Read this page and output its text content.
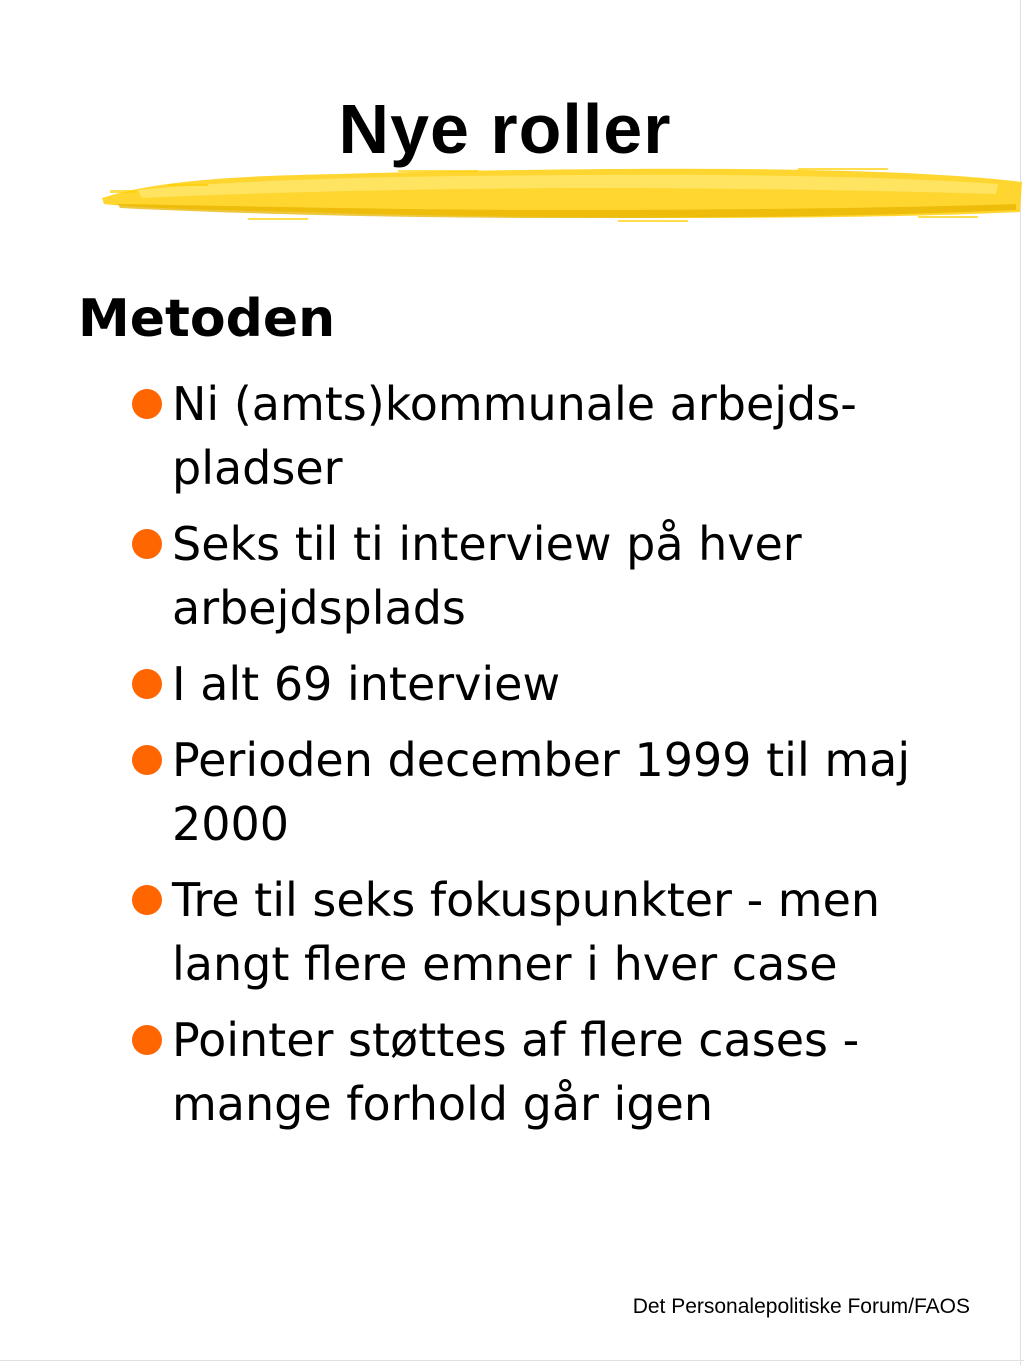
Nye roller
Metoden
Ni (amts)kommunale arbejds-pladser
Seks til ti interview på hver arbejdsplads
I alt 69 interview
Perioden december 1999 til maj 2000
Tre til seks fokuspunkter - men langt flere emner i hver case
Pointer støttes af flere cases - mange forhold går igen
Det Personalepolitiske Forum/FAOS
